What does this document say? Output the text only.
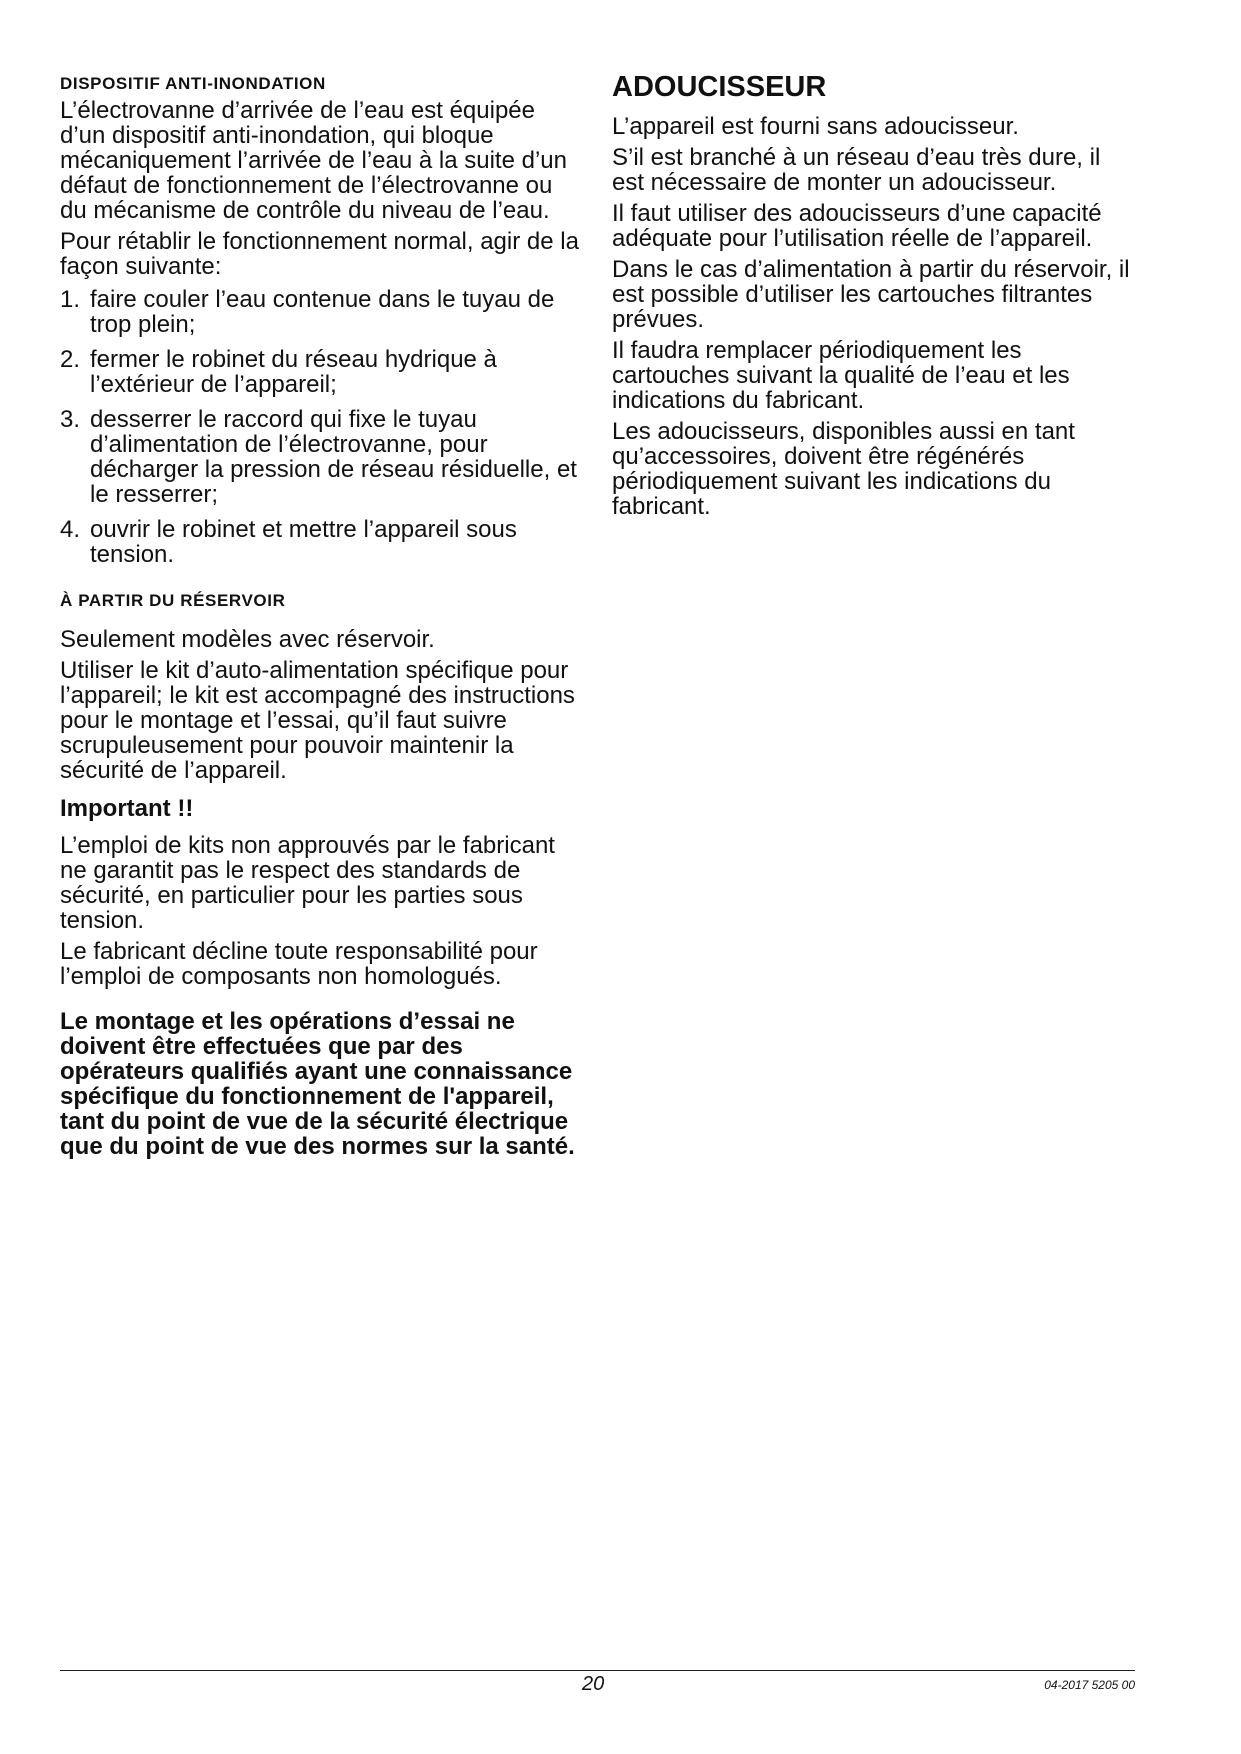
DISPOSITIF ANTI-INONDATION

L’électrovanne d’arrivée de l’eau est équipée d’un dispositif anti-inondation, qui bloque mécaniquement l’arrivée de l’eau à la suite d’un défaut de fonctionnement de l’électrovanne ou du mécanisme de contrôle du niveau de l’eau.

Pour rétablir le fonctionnement normal, agir de la façon suivante:

1. faire couler l’eau contenue dans le tuyau de trop plein;
2. fermer le robinet du réseau hydrique à l’extérieur de l’appareil;
3. desserrer le raccord qui fixe le tuyau d’alimentation de l’électrovanne, pour décharger la pression de réseau résiduelle, et le resserrer;
4. ouvrir le robinet et mettre l’appareil sous tension.
À PARTIR DU RÉSERVOIR

Seulement modèles avec réservoir.

Utiliser le kit d’auto-alimentation spécifique pour l’appareil; le kit est accompagné des instructions pour le montage et l’essai, qu’il faut suivre scrupuleusement pour pouvoir maintenir la sécurité de l’appareil.

Important !!

L’emploi de kits non approuvés par le fabricant ne garantit pas le respect des standards de sécurité, en particulier pour les parties sous tension.

Le fabricant décline toute responsabilité pour l’emploi de composants non homologués.

Le montage et les opérations d’essai ne doivent être effectuées que par des opérateurs qualifiés ayant une connaissance spécifique du fonctionnement de l'appareil, tant du point de vue de la sécurité électrique que du point de vue des normes sur la santé.
ADOUCISSEUR

L’appareil est fourni sans adoucisseur.

S’il est branché à un réseau d’eau très dure, il est nécessaire de monter un adoucisseur.

Il faut utiliser des adoucisseurs d’une capacité adéquate pour l’utilisation réelle de l’appareil.

Dans le cas d’alimentation à partir du réservoir, il est possible d’utiliser les cartouches filtrantes prévues.

Il faudra remplacer périodiquement les cartouches suivant la qualité de l’eau et les indications du fabricant.

Les adoucisseurs, disponibles aussi en tant qu’accessoires, doivent être régénérés périodiquement suivant les indications du fabricant.

20	04-2017 5205 00
